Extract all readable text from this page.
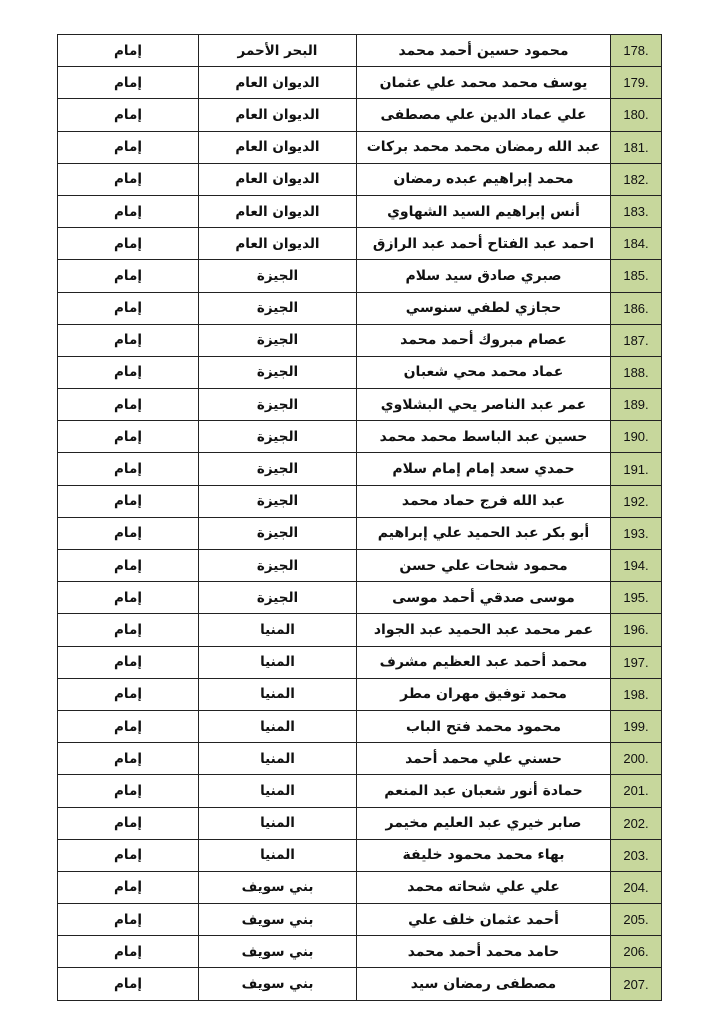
178.	محمود حسين أحمد محمد	البحر الأحمر	إمام
179.	يوسف محمد محمد علي عثمان	الديوان العام	إمام
180.	علي عماد الدين علي مصطفى	الديوان العام	إمام
181.	عبد الله رمضان محمد محمد بركات	الديوان العام	إمام
182.	محمد إبراهيم عبده رمضان	الديوان العام	إمام
183.	أنس إبراهيم السيد الشهاوي	الديوان العام	إمام
184.	احمد عبد الفتاح أحمد عبد الرازق	الديوان العام	إمام
185.	صبري صادق سيد سلام	الجيزة	إمام
186.	حجازي لطفي سنوسي	الجيزة	إمام
187.	عصام مبروك أحمد محمد	الجيزة	إمام
188.	عماد محمد محي شعبان	الجيزة	إمام
189.	عمر عبد الناصر يحي البشلاوي	الجيزة	إمام
190.	حسين عبد الباسط محمد محمد	الجيزة	إمام
191.	حمدي سعد إمام إمام سلام	الجيزة	إمام
192.	عبد الله فرج حماد محمد	الجيزة	إمام
193.	أبو بكر عبد الحميد علي إبراهيم	الجيزة	إمام
194.	محمود شحات علي حسن	الجيزة	إمام
195.	موسى صدقي أحمد موسى	الجيزة	إمام
196.	عمر محمد عبد الحميد عبد الجواد	المنيا	إمام
197.	محمد أحمد عبد العظيم مشرف	المنيا	إمام
198.	محمد توفيق مهران مطر	المنيا	إمام
199.	محمود محمد فتح الباب	المنيا	إمام
200.	حسني علي محمد أحمد	المنيا	إمام
201.	حمادة أنور شعبان عبد المنعم	المنيا	إمام
202.	صابر خيري عبد العليم مخيمر	المنيا	إمام
203.	بهاء محمد محمود خليفة	المنيا	إمام
204.	علي علي شحاته محمد	بني سويف	إمام
205.	أحمد عثمان خلف علي	بني سويف	إمام
206.	حامد محمد أحمد محمد	بني سويف	إمام
207.	مصطفى رمضان سيد	بني سويف	إمام
